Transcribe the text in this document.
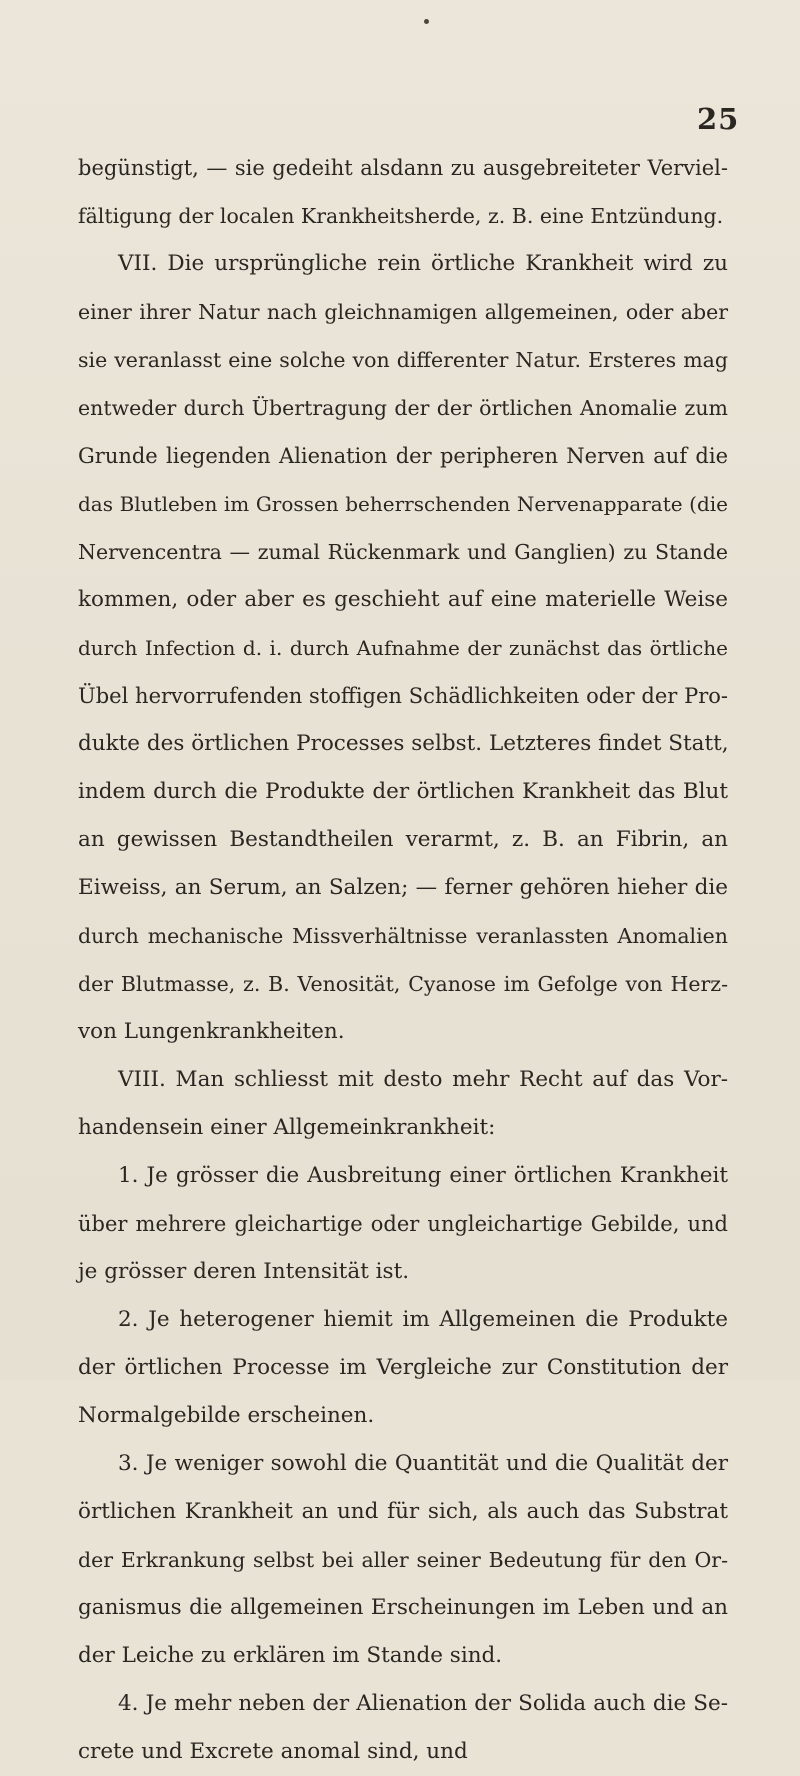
25
begünstigt, — sie gedeiht alsdann zu ausgebreiteter Verviel-
fältigung der localen Krankheitsherde, z. B. eine Entzündung.
VII. Die ursprüngliche rein örtliche Krankheit wird zu
einer ihrer Natur nach gleichnamigen allgemeinen, oder aber
sie veranlasst eine solche von differenter Natur. Ersteres mag
entweder durch Übertragung der der örtlichen Anomalie zum
Grunde liegenden Alienation der peripheren Nerven auf die
das Blutleben im Grossen beherrschenden Nervenapparate (die
Nervencentra — zumal Rückenmark und Ganglien) zu Stande
kommen, oder aber es geschieht auf eine materielle Weise
durch Infection d. i. durch Aufnahme der zunächst das örtliche
Übel hervorrufenden stoffigen Schädlichkeiten oder der Pro-
dukte des örtlichen Processes selbst. Letzteres findet Statt,
indem durch die Produkte der örtlichen Krankheit das Blut
an gewissen Bestandtheilen verarmt, z. B. an Fibrin, an
Eiweiss, an Serum, an Salzen; — ferner gehören hieher die
durch mechanische Missverhältnisse veranlassten Anomalien
der Blutmasse, z. B. Venosität, Cyanose im Gefolge von Herz-
von Lungenkrankheiten.
VIII. Man schliesst mit desto mehr Recht auf das Vor-
handensein einer Allgemeinkrankheit:
1. Je grösser die Ausbreitung einer örtlichen Krankheit
über mehrere gleichartige oder ungleichartige Gebilde, und
je grösser deren Intensität ist.
2. Je heterogener hiemit im Allgemeinen die Produkte
der örtlichen Processe im Vergleiche zur Constitution der
Normalgebilde erscheinen.
3. Je weniger sowohl die Quantität und die Qualität der
örtlichen Krankheit an und für sich, als auch das Substrat
der Erkrankung selbst bei aller seiner Bedeutung für den Or-
ganismus die allgemeinen Erscheinungen im Leben und an
der Leiche zu erklären im Stande sind.
4. Je mehr neben der Alienation der Solida auch die Se-
crete und Excrete anomal sind, und
